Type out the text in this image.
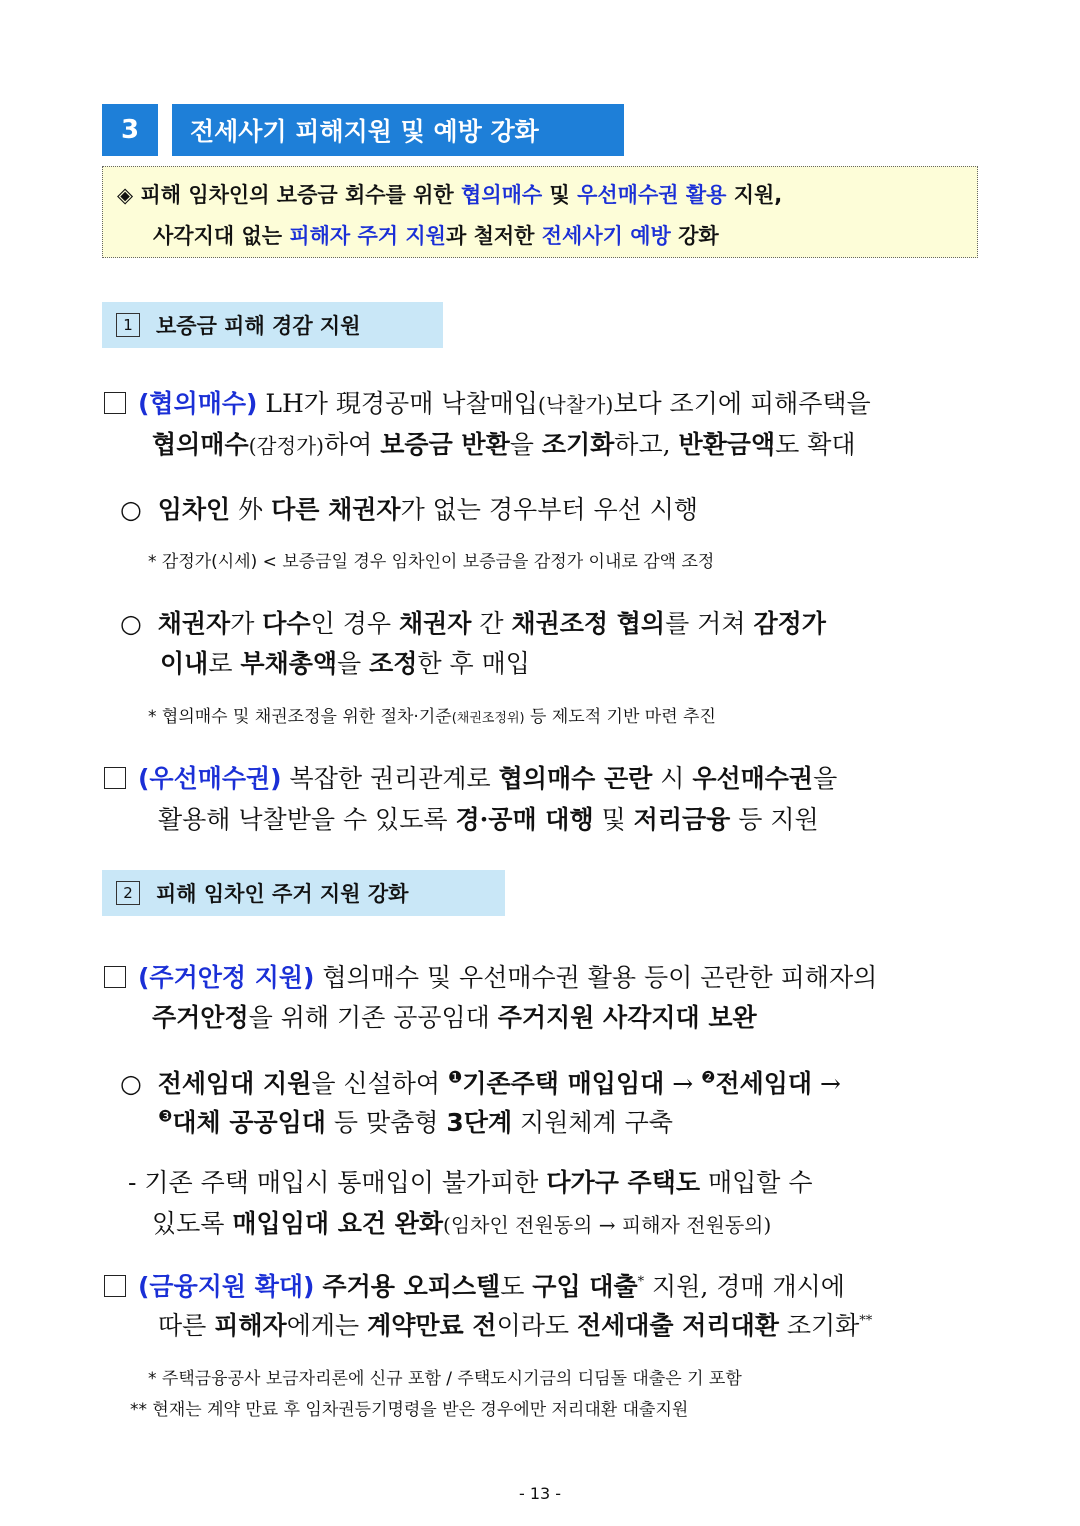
3	전세사기 피해지원 및 예방 강화
◈ 피해 임차인의 보증금 회수를 위한 협의매수 및 우선매수권 활용 지원,
사각지대 없는 피해자 주거 지원과 철저한 전세사기 예방 강화
1	보증금 피해 경감 지원
(협의매수) LH가 現경공매 낙찰매입(낙찰가)보다 조기에 피해주택을
협의매수(감정가)하여 보증금 반환을 조기화하고, 반환금액도 확대
○ 임차인 外 다른 채권자가 없는 경우부터 우선 시행
* 감정가(시세) < 보증금일 경우 임차인이 보증금을 감정가 이내로 감액 조정
○ 채권자가 다수인 경우 채권자 간 채권조정 협의를 거쳐 감정가
이내로 부채총액을 조정한 후 매입
* 협의매수 및 채권조정을 위한 절차·기준(채권조정위) 등 제도적 기반 마련 추진
(우선매수권) 복잡한 권리관계로 협의매수 곤란 시 우선매수권을
활용해 낙찰받을 수 있도록 경·공매 대행 및 저리금융 등 지원
2	피해 임차인 주거 지원 강화
(주거안정 지원) 협의매수 및 우선매수권 활용 등이 곤란한 피해자의
주거안정을 위해 기존 공공임대 주거지원 사각지대 보완
○ 전세임대 지원을 신설하여 $^❶$기존주택 매입임대 → $^❷$전세임대 →
$^❸$대체 공공임대 등 맞춤형 3단계 지원체계 구축
- 기존 주택 매입시 통매입이 불가피한 다가구 주택도 매입할 수
있도록 매입임대 요건 완화(임차인 전원동의 → 피해자 전원동의)
(금융지원 확대) 주거용 오피스텔도 구입 대출* 지원, 경매 개시에
따른 피해자에게는 계약만료 전이라도 전세대출 저리대환 조기화**
* 주택금융공사 보금자리론에 신규 포함 / 주택도시기금의 디딤돌 대출은 기 포함
** 현재는 계약 만료 후 임차권등기명령을 받은 경우에만 저리대환 대출지원
- 13 -
